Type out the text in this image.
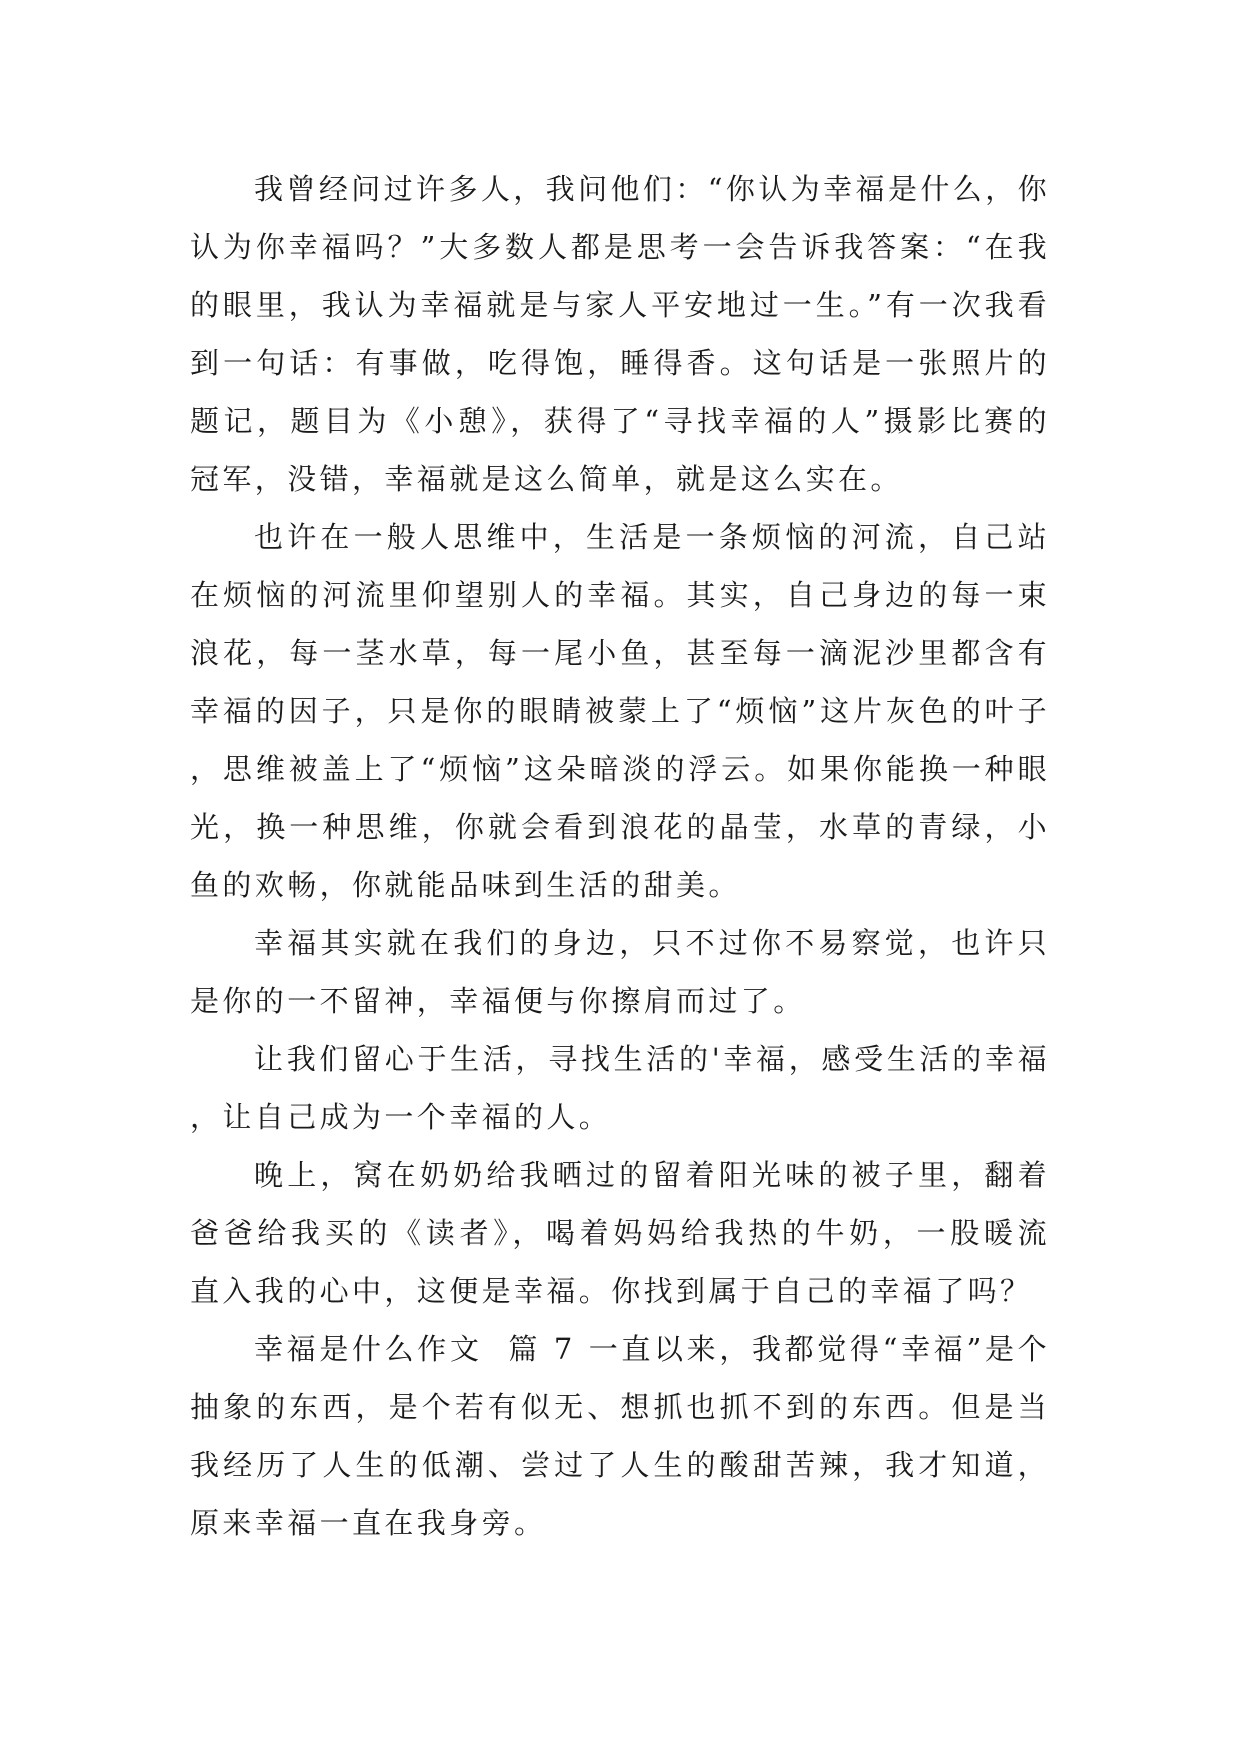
我曾经问过许多人，我问他们：“你认为幸福是什么，你认为你幸福吗？”大多数人都是思考一会告诉我答案：“在我的眼里，我认为幸福就是与家人平安地过一生。”有一次我看到一句话：有事做，吃得饱，睡得香。这句话是一张照片的题记，题目为《小憩》，获得了“寻找幸福的人”摄影比赛的冠军，没错，幸福就是这么简单，就是这么实在。

也许在一般人思维中，生活是一条烦恼的河流，自己站在烦恼的河流里仰望别人的幸福。其实，自己身边的每一束浪花，每一茎水草，每一尾小鱼，甚至每一滴泥沙里都含有幸福的因子，只是你的眼睛被蒙上了“烦恼”这片灰色的叶子，思维被盖上了“烦恼”这朵暗淡的浮云。如果你能换一种眼光，换一种思维，你就会看到浪花的晶莹，水草的青绿，小鱼的欢畅，你就能品味到生活的甜美。

幸福其实就在我们的身边，只不过你不易察觉，也许只是你的一不留神，幸福便与你擦肩而过了。

让我们留心于生活，寻找生活的'幸福，感受生活的幸福，让自己成为一个幸福的人。

晚上，窝在奶奶给我晒过的留着阳光味的被子里，翻着爸爸给我买的《读者》，喝着妈妈给我热的牛奶，一股暖流直入我的心中，这便是幸福。你找到属于自己的幸福了吗？

幸福是什么作文  篇 7 一直以来，我都觉得“幸福”是个抽象的东西，是个若有似无、想抓也抓不到的东西。但是当我经历了人生的低潮、尝过了人生的酸甜苦辣，我才知道，原来幸福一直在我身旁。
